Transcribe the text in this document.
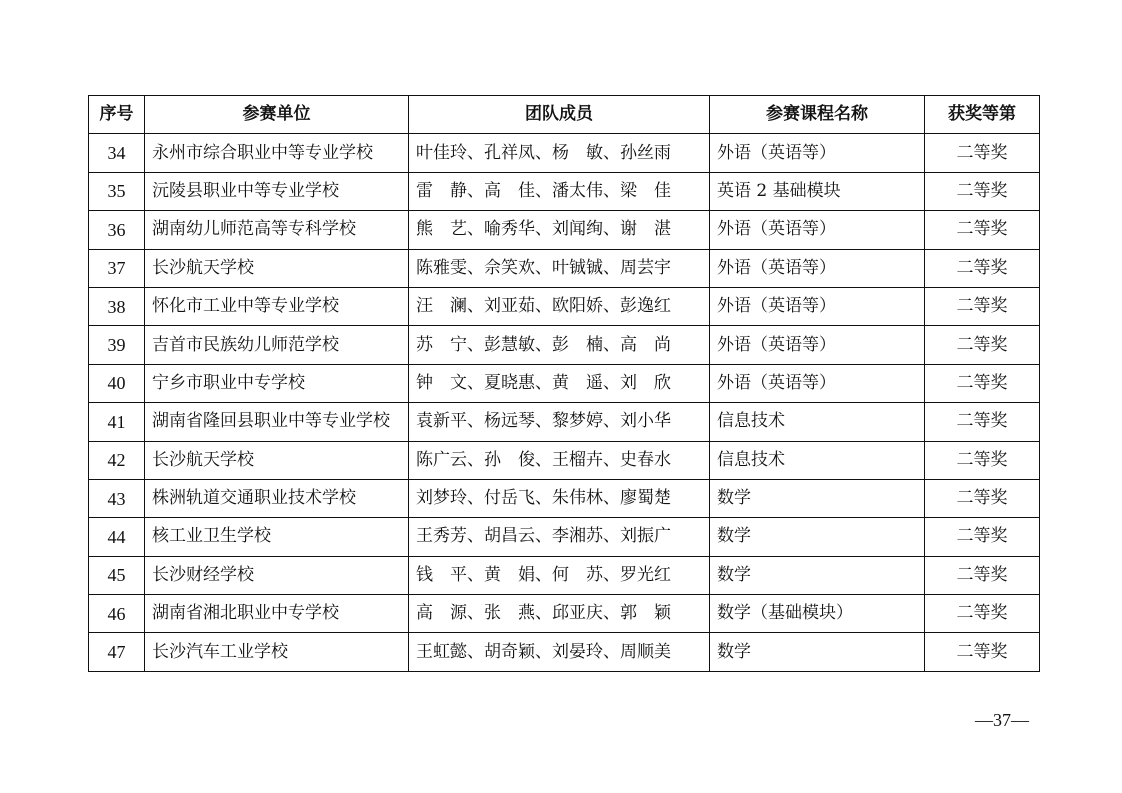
序号	参赛单位	团队成员	参赛课程名称	获奖等第
34	永州市综合职业中等专业学校	叶佳玲、孔祥凤、杨　敏、孙丝雨	外语（英语等）	二等奖
35	沅陵县职业中等专业学校	雷　静、高　佳、潘太伟、梁　佳	英语 2 基础模块	二等奖
36	湖南幼儿师范高等专科学校	熊　艺、喻秀华、刘闻绚、谢　湛	外语（英语等）	二等奖
37	长沙航天学校	陈雅雯、佘笑欢、叶铖铖、周芸宇	外语（英语等）	二等奖
38	怀化市工业中等专业学校	汪　澜、刘亚茹、欧阳娇、彭逸红	外语（英语等）	二等奖
39	吉首市民族幼儿师范学校	苏　宁、彭慧敏、彭　楠、高　尚	外语（英语等）	二等奖
40	宁乡市职业中专学校	钟　文、夏晓惠、黄　遥、刘　欣	外语（英语等）	二等奖
41	湖南省隆回县职业中等专业学校	袁新平、杨远琴、黎梦婷、刘小华	信息技术	二等奖
42	长沙航天学校	陈广云、孙　俊、王榴卉、史春水	信息技术	二等奖
43	株洲轨道交通职业技术学校	刘梦玲、付岳飞、朱伟林、廖蜀楚	数学	二等奖
44	核工业卫生学校	王秀芳、胡昌云、李湘苏、刘振广	数学	二等奖
45	长沙财经学校	钱　平、黄　娟、何　苏、罗光红	数学	二等奖
46	湖南省湘北职业中专学校	高　源、张　燕、邱亚庆、郭　颖	数学（基础模块）	二等奖
47	长沙汽车工业学校	王虹懿、胡奇颖、刘晏玲、周顺美	数学	二等奖
—37—
